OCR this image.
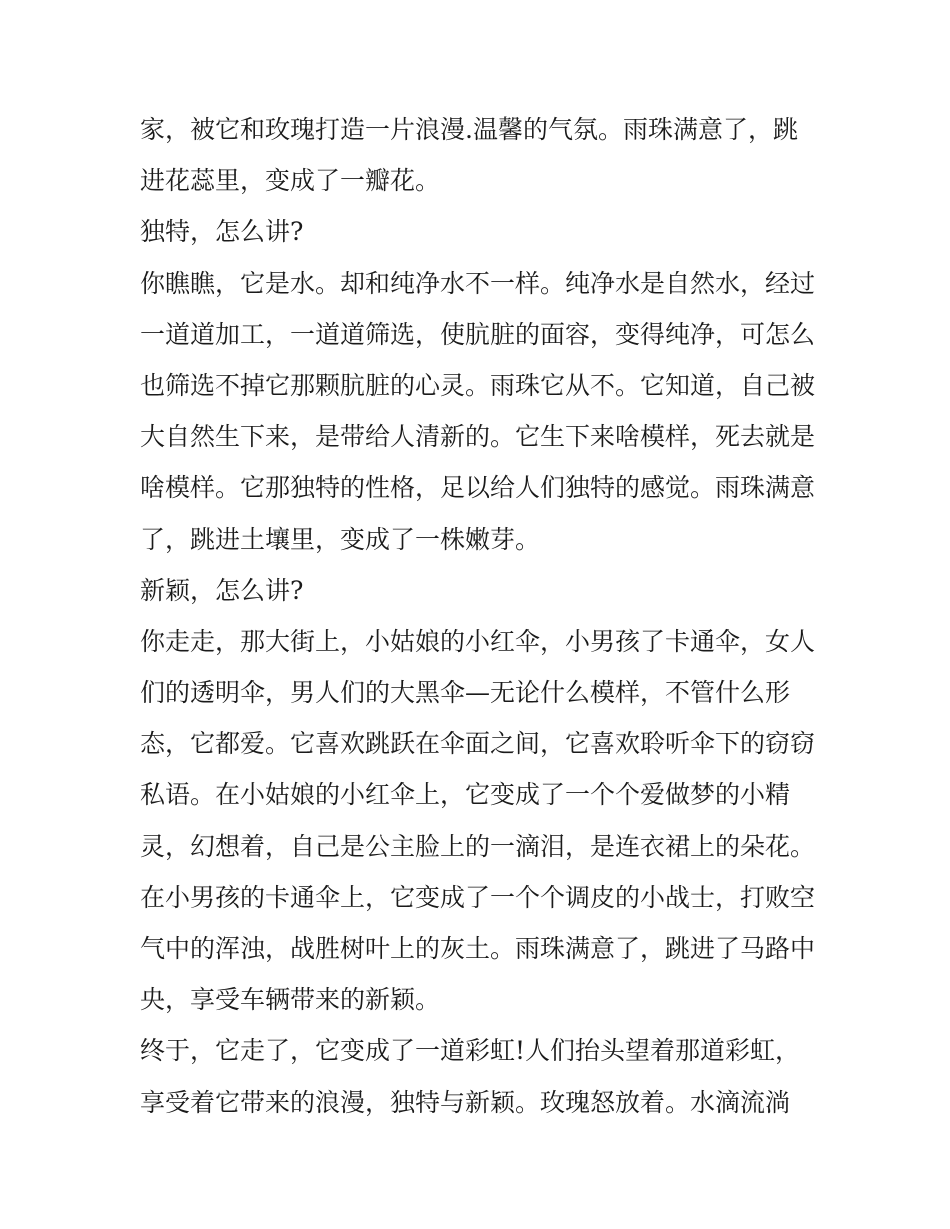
家，被它和玫瑰打造一片浪漫.温馨的气氛。雨珠满意了，跳
进花蕊里，变成了一瓣花。
独特，怎么讲?
你瞧瞧，它是水。却和纯净水不一样。纯净水是自然水，经过
一道道加工，一道道筛选，使肮脏的面容，变得纯净，可怎么
也筛选不掉它那颗肮脏的心灵。雨珠它从不。它知道，自己被
大自然生下来，是带给人清新的。它生下来啥模样，死去就是
啥模样。它那独特的性格，足以给人们独特的感觉。雨珠满意
了，跳进土壤里，变成了一株嫩芽。
新颖，怎么讲?
你走走，那大街上，小姑娘的小红伞，小男孩了卡通伞，女人
们的透明伞，男人们的大黑伞—无论什么模样，不管什么形
态，它都爱。它喜欢跳跃在伞面之间，它喜欢聆听伞下的窃窃
私语。在小姑娘的小红伞上，它变成了一个个爱做梦的小精
灵，幻想着，自己是公主脸上的一滴泪，是连衣裙上的朵花。
在小男孩的卡通伞上，它变成了一个个调皮的小战士，打败空
气中的浑浊，战胜树叶上的灰土。雨珠满意了，跳进了马路中
央，享受车辆带来的新颖。
终于，它走了，它变成了一道彩虹!人们抬头望着那道彩虹，
享受着它带来的浪漫，独特与新颖。玫瑰怒放着。水滴流淌
